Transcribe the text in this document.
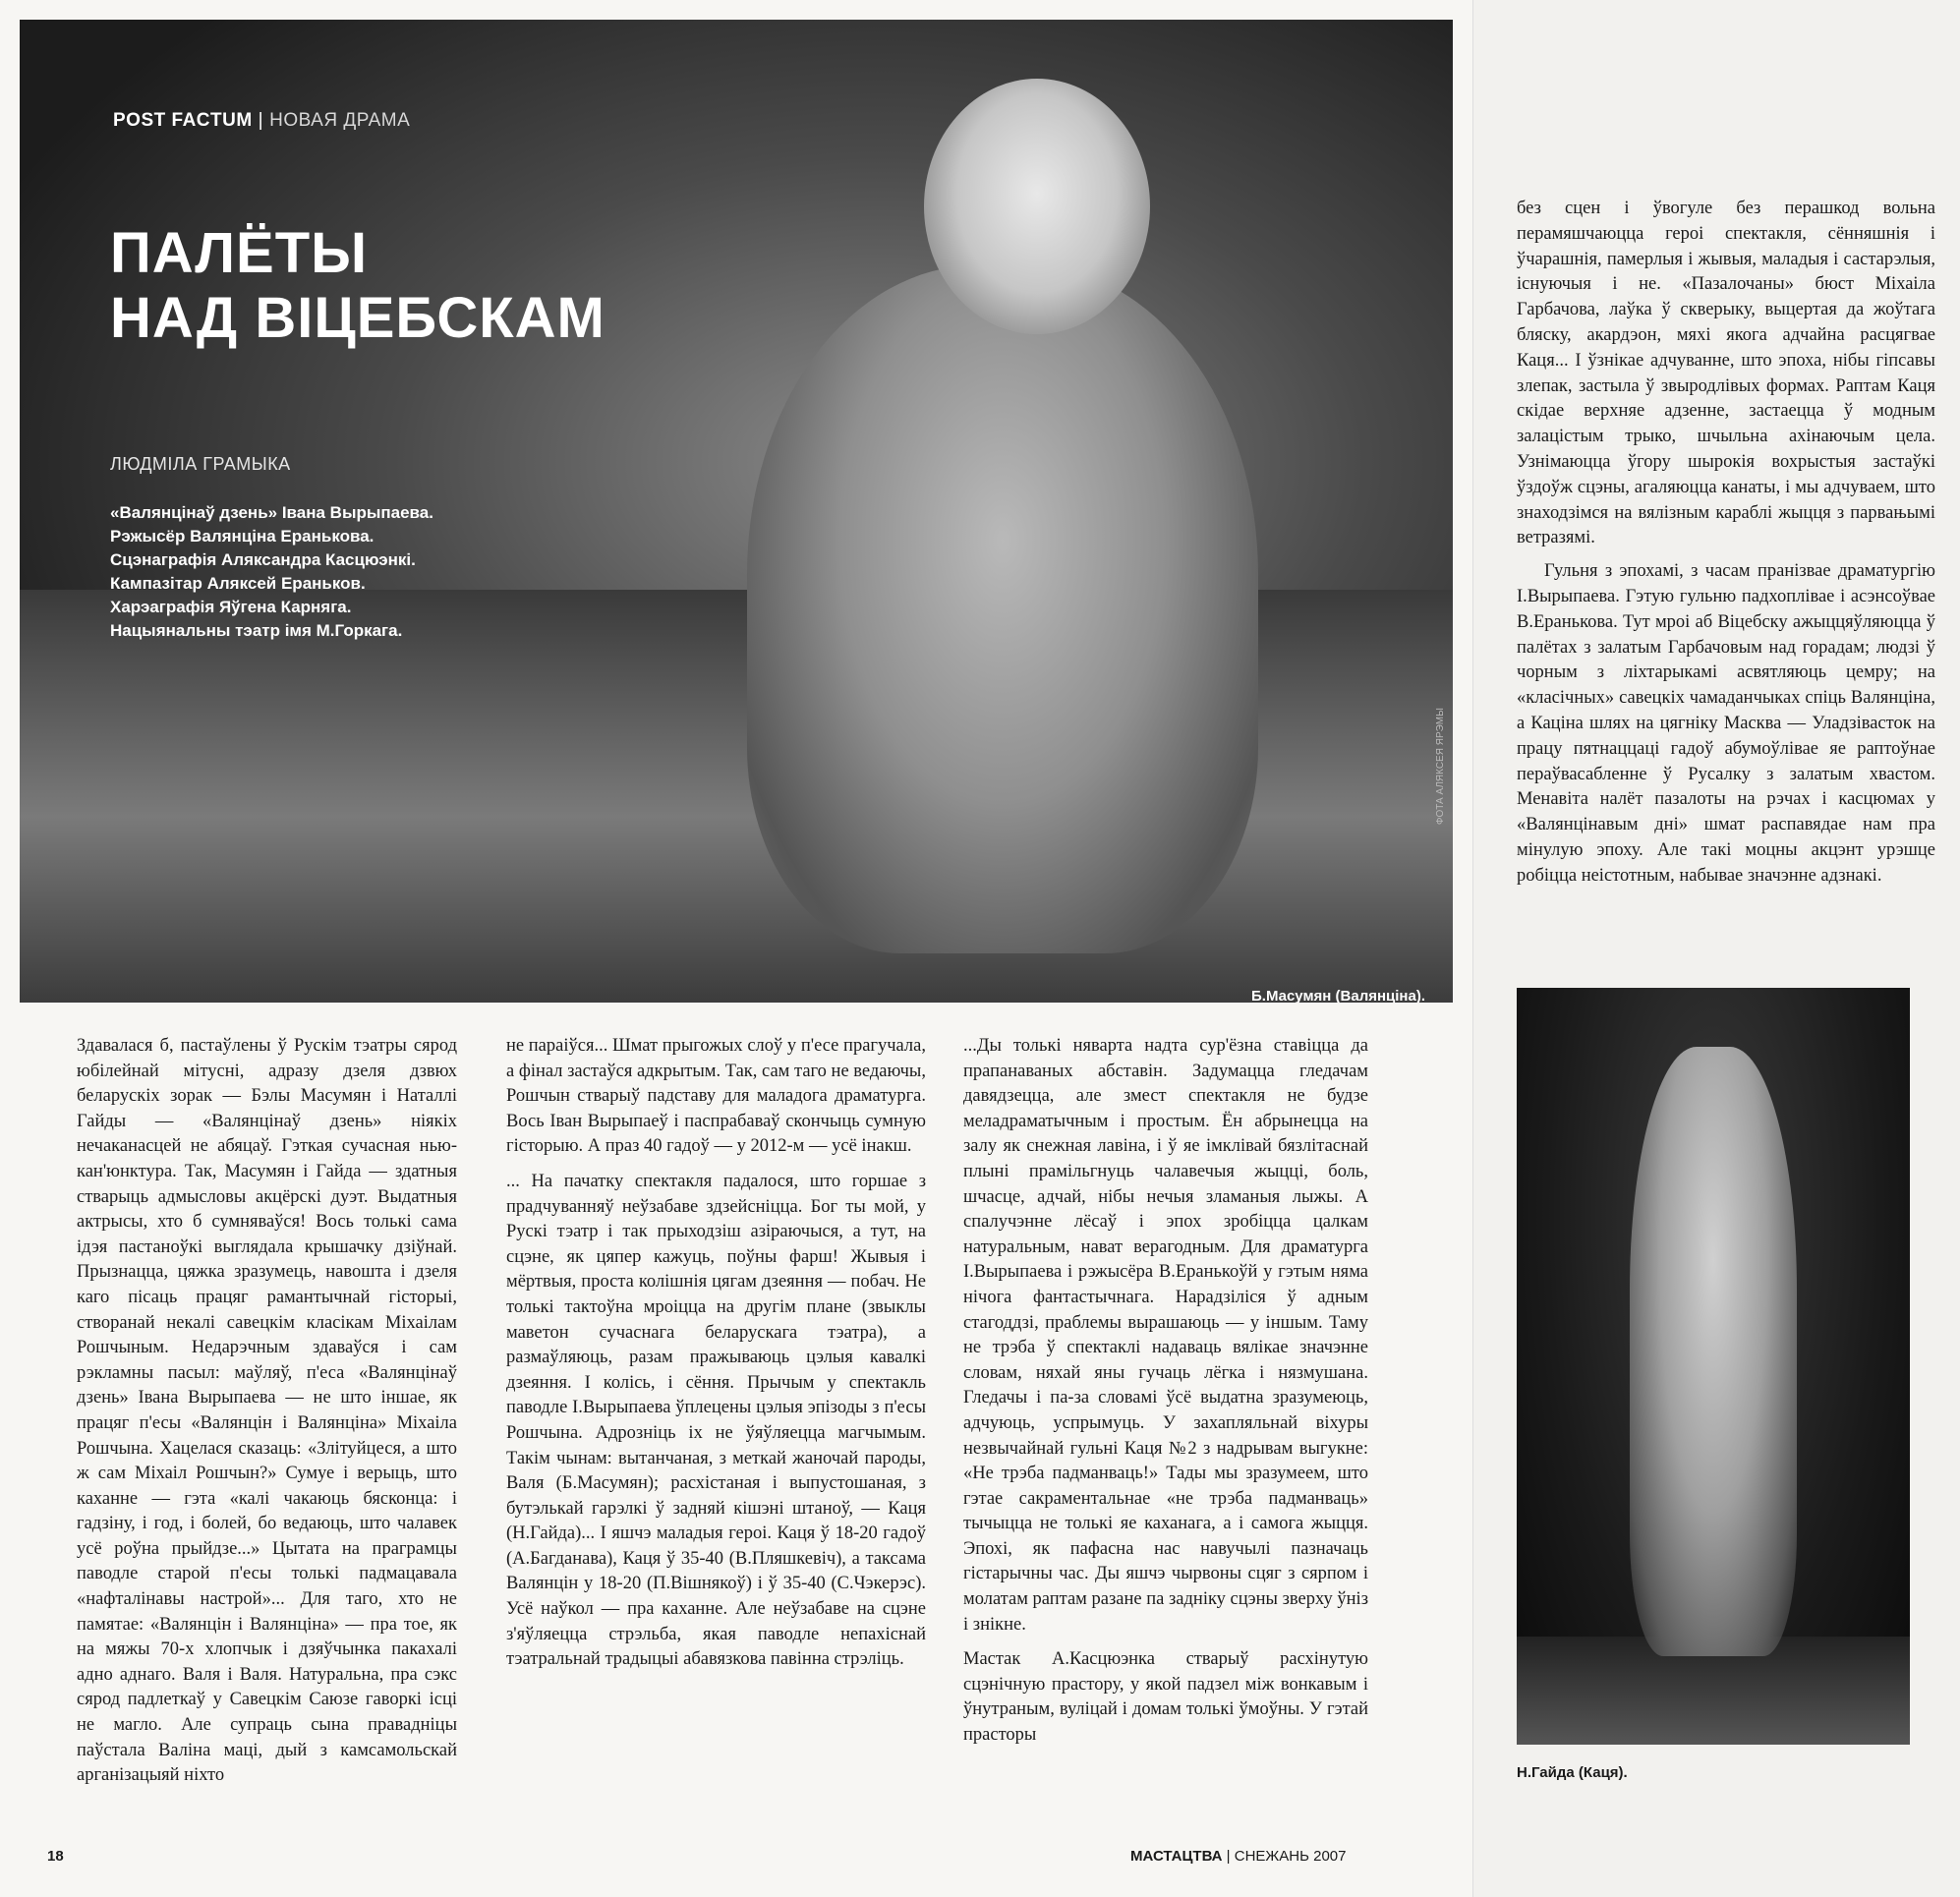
POST FACTUM | НОВАЯ ДРАМА
ПАЛЁТЫ
НАД ВІЦЕБСКАМ
ЛЮДМІЛА ГРАМЫКА
«Валянцінаў дзень» Івана Вырыпаева.
Рэжысёр Валянціна Еранькова.
Сцэнаграфія Аляксандра Касцюэнкі.
Кампазітар Аляксей Ераньков.
Харэаграфія Яўгена Карняга.
Нацыянальны тэатр імя М.Горкага.
Б.Масумян (Валянціна).
ФОТА АЛЯКСЕЯ ЯРЭМЫ

Здавалася б, пастаўлены ў Рускім тэатры сярод юбілейнай мітусні, адразу дзеля дзвюх беларускіх зорак — Бэлы Масумян і Наталлі Гайды — «Валянцінаў дзень» ніякіх нечаканасцей не абяцаў. Гэткая сучасная нью-кан'юнктура. Так, Масумян і Гайда — здатныя стварыць адмысловы акцёрскі дуэт. Выдатныя актрысы, хто б сумняваўся! Вось толькі сама ідэя пастаноўкі выглядала крышачку дзіўнай. Прызнацца, цяжка зразумець, навошта і дзеля каго пісаць працяг рамантычнай гісторыі, створанай некалі савецкім класікам Міхаілам Рошчыным. Недарэчным здаваўся і сам рэкламны пасыл: маўляў, п'еса «Валянцінаў дзень» Івана Вырыпаева — не што іншае, як працяг п'есы «Валянцін і Валянціна» Міхаіла Рошчына. Хацелася сказаць: «Злітуйцеся, а што ж сам Міхаіл Рошчын?» Сумуе і верыць, што каханне — гэта «калі чакаюць бясконца: і гадзіну, і год, і болей, бо ведаюць, што чалавек усё роўна прыйдзе...» Цытата на праграмцы паводле старой п'есы толькі падмацавала «нафталінавы настрой»... Для таго, хто не памятае: «Валянцін і Валянціна» — пра тое, як на мяжы 70-х хлопчык і дзяўчынка пакахалі адно аднаго. Валя і Валя. Натуральна, пра сэкс сярод падлеткаў у Савецкім Саюзе гаворкі ісці не магло. Але супраць сына праваднiцы паўстала Валіна маці, дый з камсамольскай арганізацыяй ніхто

не параіўся... Шмат прыгожых слоў у п'есе прагучала, а фінал застаўся адкрытым. Так, сам таго не ведаючы, Рошчын стварыў падставу для маладога драматурга. Вось Іван Вырыпаеў і паспрабаваў скончыць сумную гісторыю. А праз 40 гадоў — у 2012-м — усё інакш.

... На пачатку спектакля падалося, што горшае з прадчуванняў неўзабаве здзейсніцца. Бог ты мой, у Рускі тэатр і так прыходзіш азіраючыся, а тут, на сцэне, як цяпер кажуць, поўны фарш! Жывыя і мёртвыя, проста колішнія цягам дзеяння — побач. Не толькі тактоўна мроіцца на другім плане (звыклы маветон сучаснага беларускага тэатра), а размаўляюць, разам пражываюць цэлыя кавалкі дзеяння. І колісь, і сёння. Прычым у спектакль паводле І.Вырыпаева ўплецены цэлыя эпізоды з п'есы Рошчына. Адрозніць іх не ўяўляецца магчымым. Такім чынам: вытанчаная, з меткай жаночай пароды, Валя (Б.Масумян); расхістаная і выпустошаная, з бутэлькай гарэлкі ў задняй кішэні штаноў, — Каця (Н.Гайда)... І яшчэ маладыя героі. Каця ў 18-20 гадоў (А.Багданава), Каця ў 35-40 (В.Пляшкевіч), а таксама Валянцін у 18-20 (П.Вішнякоў) і ў 35-40 (С.Чэкерэс). Усё наўкол — пра каханне. Але неўзабаве на сцэне з'яўляецца стрэльба, якая паводле непахіснай тэатральнай традыцыі абавязкова павінна стрэліць.

...Ды толькі няварта надта сур'ёзна ставіцца да прапанаваных абставін. Задумацца гледачам давядзецца, але змест спектакля не будзе меладраматычным і простым. Ён абрынецца на залу як снежная лавіна, і ў яе імклівай бязлітаснай плыні прамільгнуць чалавечыя жыцці, боль, шчасце, адчай, нібы нечыя зламаныя лыжы. А спалучэнне лёсаў і эпох зробіцца цалкам натуральным, нават верагодным. Для драматурга І.Вырыпаева і рэжысёра В.Еранькоўй у гэтым няма нічога фантастычнага. Нарадзіліся ў адным стагоддзі, праблемы вырашаюць — у іншым. Таму не трэба ў спектаклі надаваць вялікае значэнне словам, няхай яны гучаць лёгка і нязмушана. Гледачы і па-за словамі ўсё выдатна зразумеюць, адчуюць, успрымуць. У захапляльнай віхуры незвычайнай гульні Каця №2 з надрывам выгукне: «Не трэба падманваць!» Тады мы зразумеем, што гэтае сакраментальнае «не трэба падманваць» тычыцца не толькі яе каханага, а і самога жыцця. Эпохі, як пафасна нас навучылі пазначаць гістарычны час. Ды яшчэ чырвоны сцяг з сярпом і молатам раптам разане па задніку сцэны зверху ўніз і знікне.

Мастак А.Касцюэнка стварыў расхінутую сцэнічную прастору, у якой падзел між вонкавым і ўнутраным, вуліцай і домам толькі ўмоўны. У гэтай прасторы

18	МАСТАЦТВА | СНЕЖАНЬ 2007

без сцен і ўвогуле без перашкод вольна перамяшчаюцца героі спектакля, сённяшнія і ўчарашнія, памерлыя і жывыя, маладыя і састарэлыя, існуючыя і не. «Пазалочаны» бюст Міхаіла Гарбачова, лаўка ў скверыку, выцертая да жоўтага бляску, акардэон, мяхі якога адчайна расцягвае Каця... І ўзнікае адчуванне, што эпоха, нібы гіпсавы злепак, застыла ў звыродлівых формах. Раптам Каця скідае верхняе адзенне, застаецца ў модным залацістым трыко, шчыльна ахінаючым цела. Узнімаюцца ўгору шырокія вохрыстыя застаўкі ўздоўж сцэны, агаляюцца канаты, і мы адчуваем, што знаходзімся на вялізным караблі жыцця з парвањымі ветразямі.

Гульня з эпохамі, з часам пранізвае драматургію І.Вырыпаева. Гэтую гульню падхопліваe і асэнсоўвае В.Еранькова. Тут мроі аб Віцебску ажыццяўляюцца ў палётах з залатым Гарбачовым над горадам; людзі ў чорным з ліхтарыкамі асвятляюць цемру; на «класічных» савецкіх чамаданчыках спіць Валянціна, а Каціна шлях на цягніку Масква — Уладзівасток на працу пятнаццаці гадоў абумоўлівае яе раптоўнае пераўвасабленне ў Русалку з залатым хвастом. Менавіта налёт пазалоты на рэчах і касцюмах у «Валянцінавым дні» шмат распавядае нам пра мінулую эпоху. Але такі моцны акцэнт урэшце робіцца неістотным, набывае значэнне адзнакі.

Н.Гайда (Каця).
